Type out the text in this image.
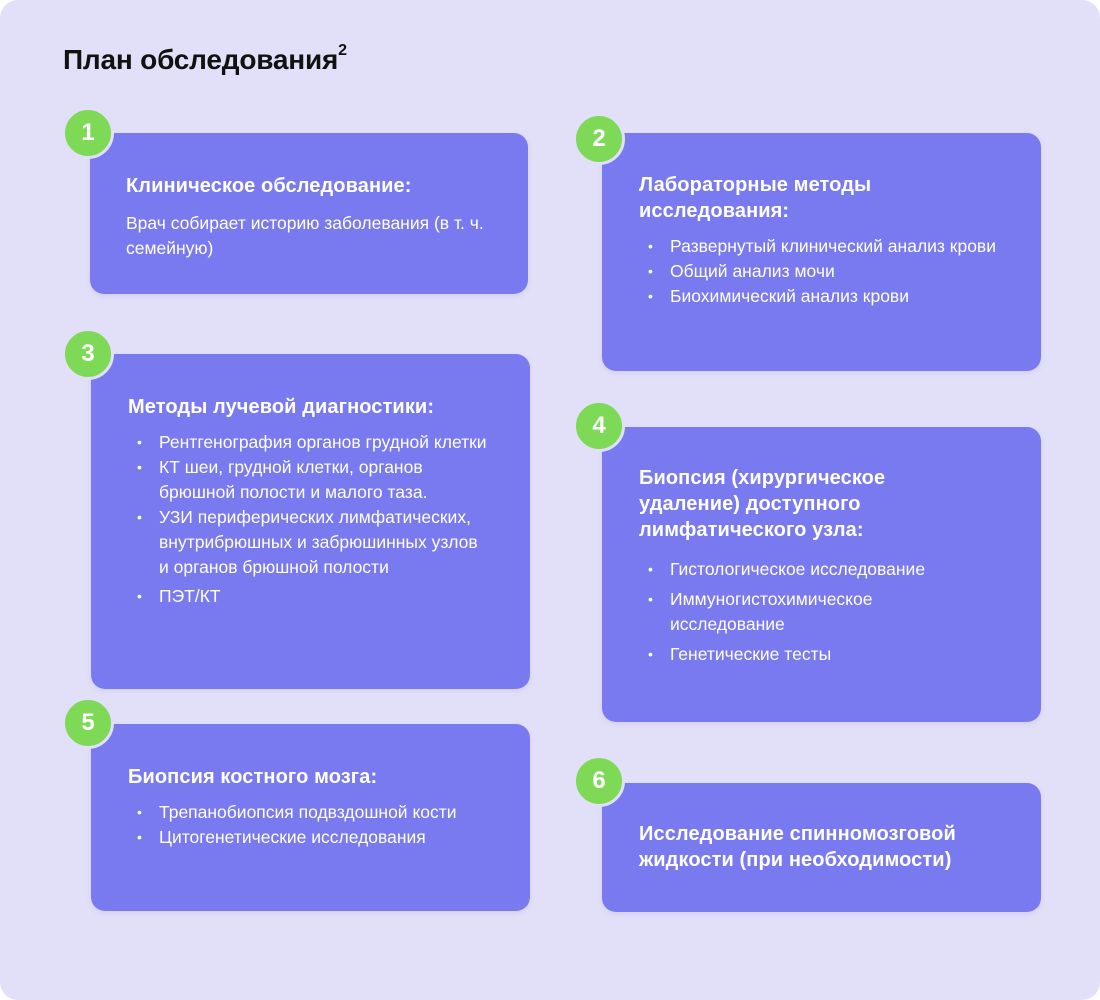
План обследования$^2$
Клиническое обследование:
Врач собирает историю заболевания (в т. ч. семейную)
1
Лабораторные методы исследования:
• Развернутый клинический анализ крови
• Общий анализ мочи
• Биохимический анализ крови
2
Методы лучевой диагностики:
• Рентгенография органов грудной клетки
• КТ шеи, грудной клетки, органов брюшной полости и малого таза.
• УЗИ периферических лимфатических, внутрибрюшных и забрюшинных узлов и органов брюшной полости
• ПЭТ/КТ
3
Биопсия (хирургическое удаление) доступного лимфатического узла:
• Гистологическое исследование
• Иммуногистохимическое исследование
• Генетические тесты
4
Биопсия костного мозга:
• Трепанобиопсия подвздошной кости
• Цитогенетические исследования
5
Исследование спинномозговой жидкости (при необходимости)
6
